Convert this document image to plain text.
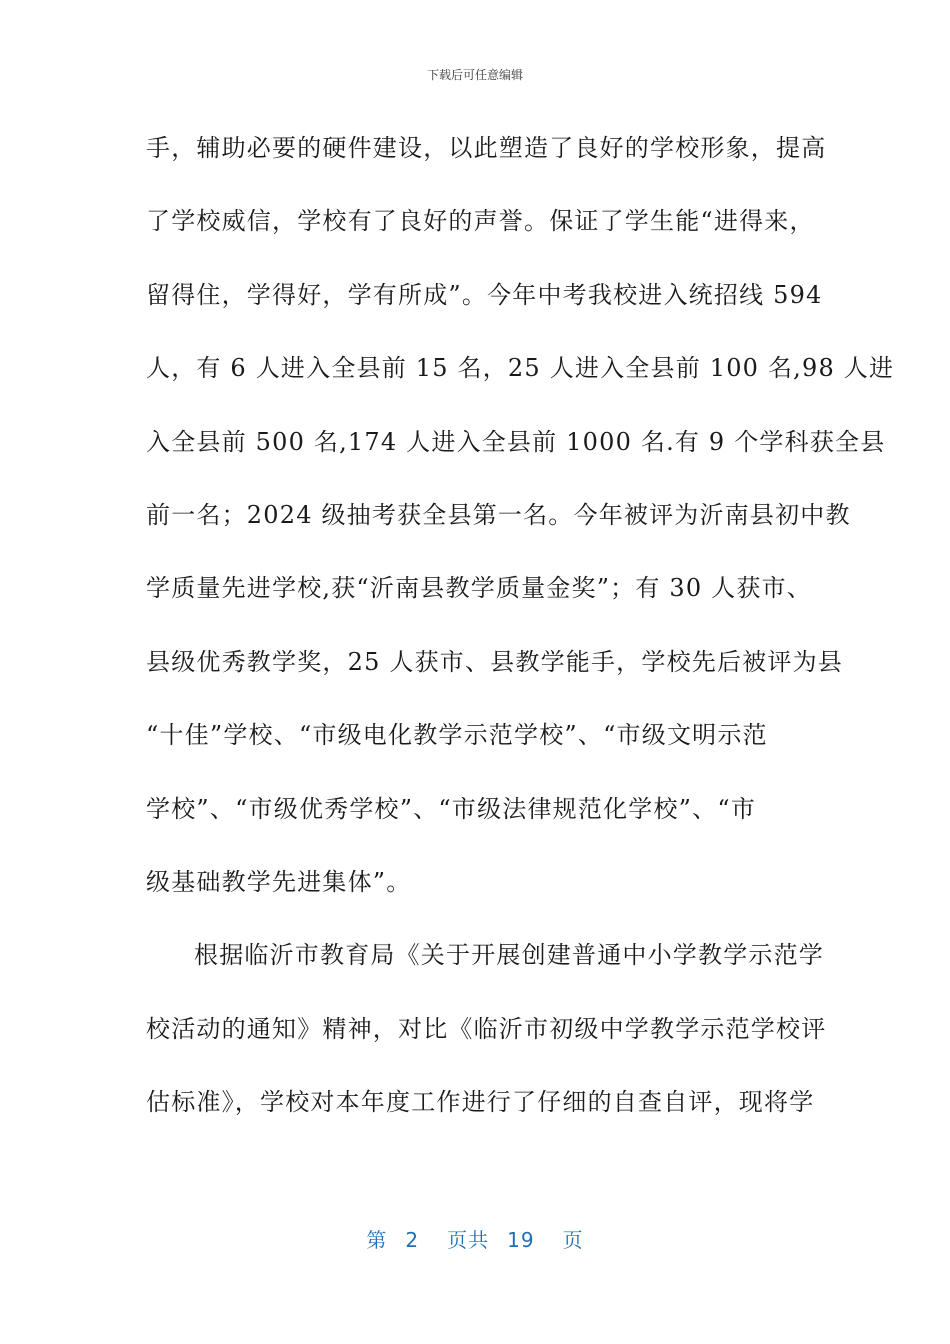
下载后可任意编辑
手，辅助必要的硬件建设，以此塑造了良好的学校形象，提高
了学校威信，学校有了良好的声誉。保证了学生能“进得来，
留得住，学得好，学有所成”。今年中考我校进入统招线 594
人，有 6 人进入全县前 15 名，25 人进入全县前 100 名,98 人进
入全县前 500 名,174 人进入全县前 1000 名.有 9 个学科获全县
前一名；2024 级抽考获全县第一名。今年被评为沂南县初中教
学质量先进学校,获“沂南县教学质量金奖”；有 30 人获市、
县级优秀教学奖，25 人获市、县教学能手，学校先后被评为县
“十佳”学校、“市级电化教学示范学校”、“市级文明示范
学校”、“市级优秀学校”、“市级法律规范化学校”、“市
级基础教学先进集体”。
根据临沂市教育局《关于开展创建普通中小学教学示范学
校活动的通知》精神，对比《临沂市初级中学教学示范学校评
估标准》，学校对本年度工作进行了仔细的自查自评，现将学
第 2 页共 19 页
